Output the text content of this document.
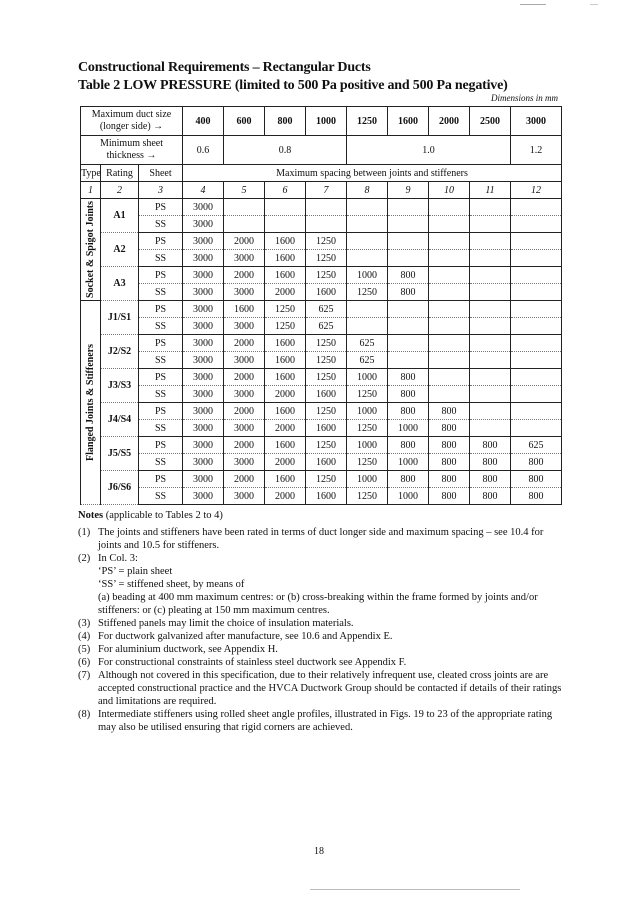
Constructional Requirements – Rectangular Ducts
Table 2 LOW PRESSURE (limited to 500 Pa positive and 500 Pa negative)
Dimensions in mm
Maximum duct size (longer side) →			400	600	800	1000	1250	1600	2000	2500	3000
Minimum sheet thickness →			0.6	0.8			1.0				1.2
Type	Rating	Sheet	Maximum spacing between joints and stiffeners								
1	2	3	4	5	6	7	8	9	10	11	12

Socket & Spigot Joints	A1	PS	3000								
		SS	3000								
	A2	PS	3000	2000	1600	1250					
		SS	3000	3000	1600	1250					
	A3	PS	3000	2000	1600	1250	1000	800			
		SS	3000	3000	2000	1600	1250	800			

Flanged Joints & Stiffeners	J1/S1	PS	3000	1600	1250	625					
		SS	3000	3000	1250	625					
	J2/S2	PS	3000	2000	1600	1250	625				
		SS	3000	3000	1600	1250	625				
	J3/S3	PS	3000	2000	1600	1250	1000	800			
		SS	3000	3000	2000	1600	1250	800			
	J4/S4	PS	3000	2000	1600	1250	1000	800	800		
		SS	3000	3000	2000	1600	1250	1000	800		
	J5/S5	PS	3000	2000	1600	1250	1000	800	800	800	625
		SS	3000	3000	2000	1600	1250	1000	800	800	800
	J6/S6	PS	3000	2000	1600	1250	1000	800	800	800	800
		SS	3000	3000	2000	1600	1250	1000	800	800	800
Notes (applicable to Tables 2 to 4)
(1) The joints and stiffeners have been rated in terms of duct longer side and maximum spacing – see 10.4 for joints and 10.5 for stiffeners.
(2) In Col. 3:
‘PS’ = plain sheet
‘SS’ = stiffened sheet, by means of
(a) beading at 400 mm maximum centres: or (b) cross-breaking within the frame formed by joints and/or stiffeners: or (c) pleating at 150 mm maximum centres.
(3) Stiffened panels may limit the choice of insulation materials.
(4) For ductwork galvanized after manufacture, see 10.6 and Appendix E.
(5) For aluminium ductwork, see Appendix H.
(6) For constructional constraints of stainless steel ductwork see Appendix F.
(7) Although not covered in this specification, due to their relatively infrequent use, cleated cross joints are are accepted constructional practice and the HVCA Ductwork Group should be contacted if details of their ratings and limitations are required.
(8) Intermediate stiffeners using rolled sheet angle profiles, illustrated in Figs. 19 to 23 of the appropriate rating may also be utilised ensuring that rigid corners are achieved.
18
